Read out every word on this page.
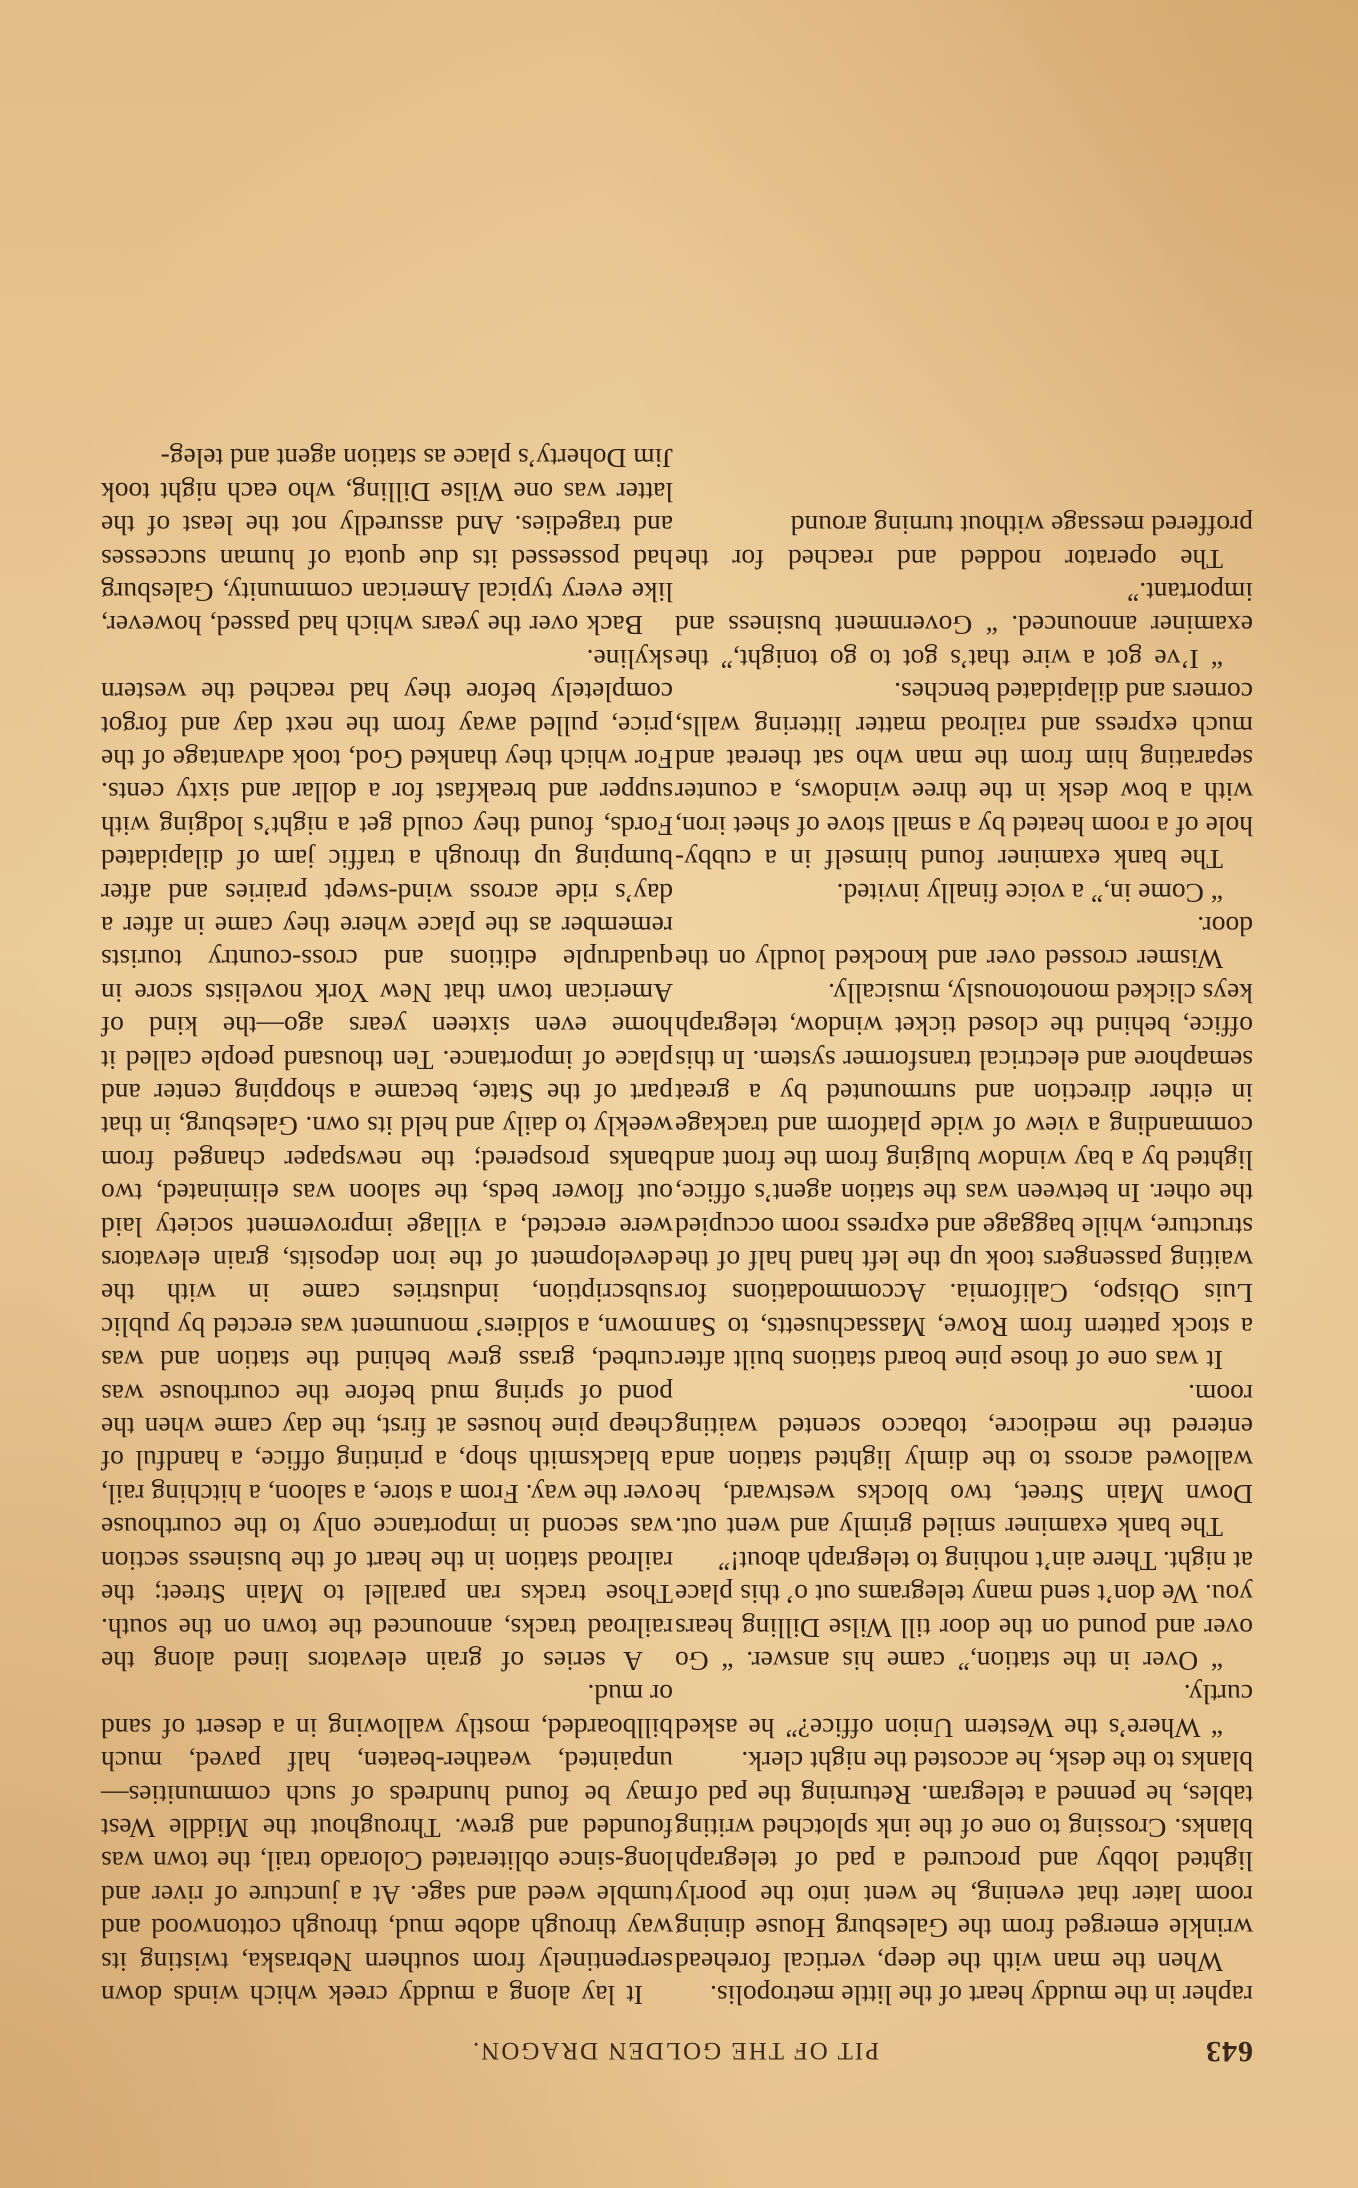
643
PIT OF THE GOLDEN DRAGON.

rapher in the muddy heart of the little metropolis.

When the man with the deep, vertical forehead wrinkle emerged from the Galesburg House dining room later that evening, he went into the poorly lighted lobby and procured a pad of telegraph blanks. Crossing to one of the ink splotched writing tables, he penned a telegram. Returning the pad of blanks to the desk, he accosted the night clerk.

“ Where’s the Western Union office?” he asked curtly.

“ Over in the station,” came his answer. “ Go over and pound on the door till Wilse Dilling hears you. We don’t send many telegrams out o’ this place at night. There ain’t nothing to telegraph about!”

The bank examiner smiled grimly and went out. Down Main Street, two blocks westward, he wallowed across to the dimly lighted station and entered the mediocre, tobacco scented waiting room.

It was one of those pine board stations built after a stock pattern from Rowe, Massachusetts, to San Luis Obispo, California. Accommodations for waiting passengers took up the left hand half of the structure, while baggage and express room occupied the other. In between was the station agent’s office, lighted by a bay window bulging from the front and commanding a view of wide platform and trackage in either direction and surmounted by a great semaphore and electrical transformer system. In this office, behind the closed ticket window, telegraph keys clicked monotonously, musically.

Wismer crossed over and knocked loudly on the door.

“ Come in,” a voice finally invited.

The bank examiner found himself in a cubby-hole of a room heated by a small stove of sheet iron, with a bow desk in the three windows, a counter separating him from the man who sat thereat and much express and railroad matter littering walls, corners and dilapidated benches.

“ I’ve got a wire that’s got to go tonight,” the examiner announced. “ Government business and important.”

The operator nodded and reached for the proffered message without turning around

It lay along a muddy creek which winds down serpentinely from southern Nebraska, twisting its way through adobe mud, through cottonwood and tumble weed and sage. At a juncture of river and long-since obliterated Colorado trail, the town was founded and grew. Throughout the Middle West may be found hundreds of such communities—unpainted, weather-beaten, half paved, much billboarded, mostly wallowing in a desert of sand or mud.

A series of grain elevators lined along the railroad tracks, announced the town on the south. Those tracks ran parallel to Main Street; the railroad station in the heart of the business section was second in importance only to the courthouse over the way. From a store, a saloon, a hitching rail, a blacksmith shop, a printing office, a handful of cheap pine houses at first, the day came when the pond of spring mud before the courthouse was curbed, grass grew behind the station and was mown, a soldiers’ monument was erected by public subscription, industries came in with the development of the iron deposits, grain elevators were erected, a village improvement society laid out flower beds, the saloon was eliminated, two banks prospered; the newspaper changed from weekly to daily and held its own. Galesburg, in that part of the State, became a shopping center and place of importance. Ten thousand people called it home even sixteen years ago—the kind of American town that New York novelists score in quadruple editions and cross-country tourists remember as the place where they came in after a day’s ride across wind-swept prairies and after bumping up through a traffic jam of dilapidated Fords, found they could get a night’s lodging with supper and breakfast for a dollar and sixty cents. For which they thanked God, took advantage of the price, pulled away from the next day and forgot completely before they had reached the western skyline.

Back over the years which had passed, however, like every typical American community, Galesburg had possessed its due quota of human successes and tragedies. And assuredly not the least of the latter was one Wilse Dilling, who each night took Jim Doherty’s place as station agent and teleg-
